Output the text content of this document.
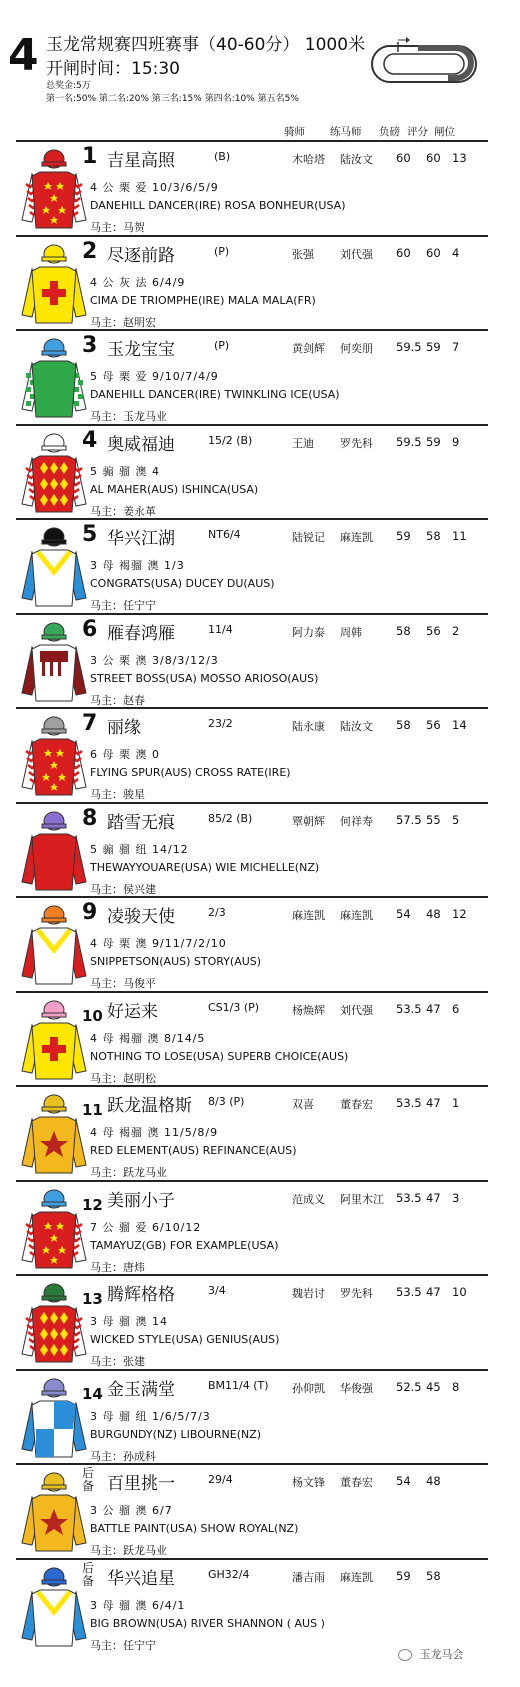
4 玉龙常规赛四班赛事（40-60分） 1000米
开闸时间：15:30
总奖金:5万
第一名:50% 第二名:20% 第三名:15% 第四名:10% 第五名5%
骑师 练马师 负磅 评分 闸位
1 吉星高照	(B)	木哈塔 陆汝文 60 60 13
4 公 栗 爱 10/3/6/5/9
DANEHILL DANCER(IRE) ROSA BONHEUR(USA)
马主：马贺
2 尽逐前路	(P)	张强 刘代强 60 60 4
4 公 灰 法 6/4/9
CIMA DE TRIOMPHE(IRE) MALA MALA(FR)
马主：赵明宏
3 玉龙宝宝	(P)	黄剑辉 何奕朋 59.5 59 7
5 母 栗 爱 9/10/7/4/9
DANEHILL DANCER(IRE) TWINKLING ICE(USA)
马主：玉龙马业
4 奥威福迪	15/2 (B)	王迪 罗先科 59.5 59 9
5 骟 骝 澳 4
AL MAHER(AUS) ISHINCA(USA)
马主：姜永革
5 华兴江湖	NT6/4	陆锐记 麻连凯 59 58 11
3 母 褐骝 澳 1/3
CONGRATS(USA) DUCEY DU(AUS)
马主：任宁宁
6 雁春鸿雁	11/4	阿力泰 周韩	58 56 2
3 公 栗 澳 3/8/3/12/3
STREET BOSS(USA) MOSSO ARIOSO(AUS)
马主：赵春
7 丽缘	23/2	陆永康 陆汝文 58 56 14
6 母 栗 澳 0
FLYING SPUR(AUS) CROSS RATE(IRE)
马主：骏星
8 踏雪无痕	85/2 (B)	覃朝辉 何祥寿 57.5 55 5
5 骟 骝 纽 14/12
THEWAYYOUARE(USA) WIE MICHELLE(NZ)
马主：侯兴建
9 凌骏天使	2/3	麻连凯 麻连凯 54 48 12
4 母 栗 澳 9/11/7/2/10
SNIPPETSON(AUS) STORY(AUS)
马主：马俊平
10 好运来	CS1/3 (P)	杨焕辉 刘代强 53.5 47 6
4 母 褐骝 澳 8/14/5
NOTHING TO LOSE(USA) SUPERB CHOICE(AUS)
马主：赵明松
11 跃龙温格斯 8/3 (P)	双喜 董春宏 53.5 47 1
4 母 褐骝 澳 11/5/8/9
RED ELEMENT(AUS) REFINANCE(AUS)
马主：跃龙马业
12 美丽小子	范成义 阿里木江 53.5 47 3
7 公 骝 爱 6/10/12
TAMAYUZ(GB) FOR EXAMPLE(USA)
马主：唐炜
13 腾辉格格	3/4	魏岩讨 罗先科 53.5 47 10
3 母 骝 澳 14
WICKED STYLE(USA) GENIUS(AUS)
马主：张建
14 金玉满堂	BM11/4 (T) 孙仰凯 华俊强 52.5 45 8
3 母 骝 纽 1/6/5/7/3
BURGUNDY(NZ) LIBOURNE(NZ)
马主：孙成科
后备 百里挑一	29/4	杨文锋 董春宏 54 48
3 公 骝 澳 6/7
BATTLE PAINT(USA) SHOW ROYAL(NZ)
马主：跃龙马业
后备 华兴追星	GH32/4	潘吉雨 麻连凯 59 58
3 母 骝 澳 6/4/1
BIG BROWN(USA) RIVER SHANNON ( AUS )
马主：任宁宁
玉龙马会
